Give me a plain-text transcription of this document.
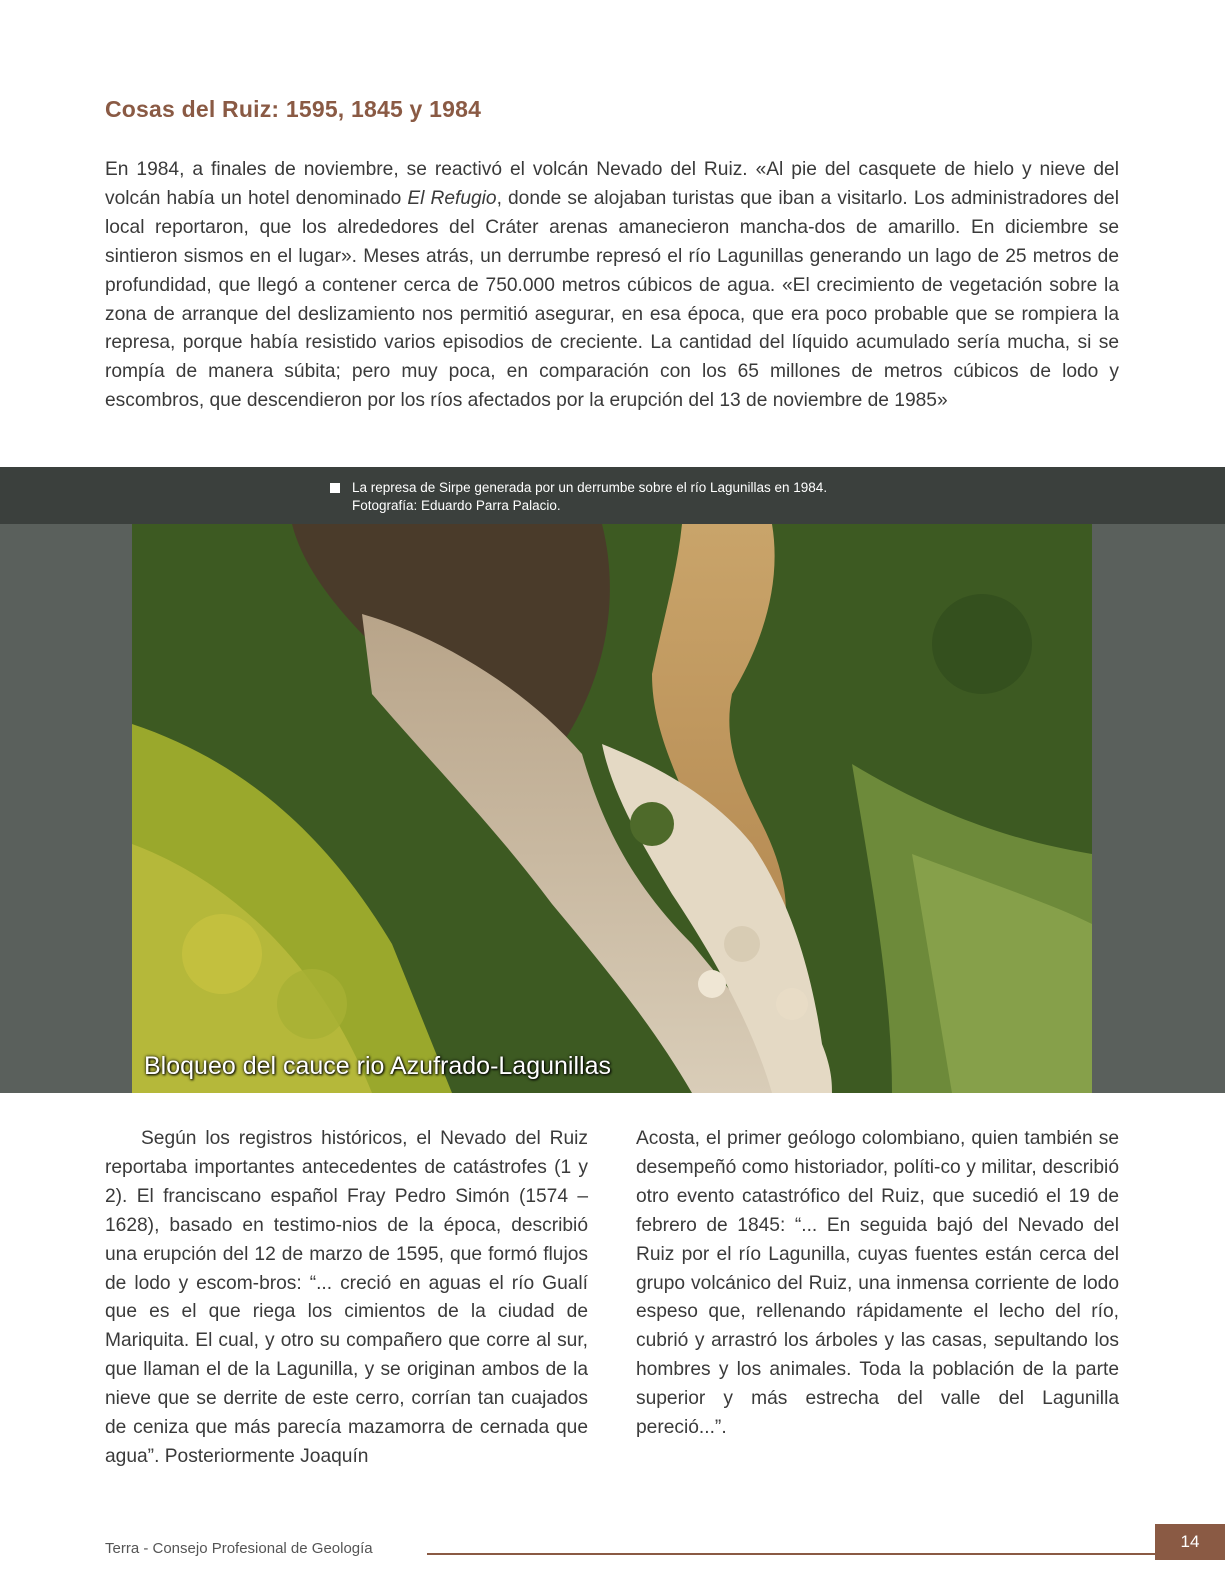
Cosas del Ruiz: 1595, 1845 y 1984

En 1984, a finales de noviembre, se reactivó el volcán Nevado del Ruiz. «Al pie del casquete de hielo y nieve del volcán había un hotel denominado El Refugio, donde se alojaban turistas que iban a visitarlo. Los administradores del local reportaron, que los alrededores del Cráter arenas amanecieron mancha-dos de amarillo. En diciembre se sintieron sismos en el lugar». Meses atrás, un derrumbe represó el río Lagunillas generando un lago de 25 metros de profundidad, que llegó a contener cerca de 750.000 metros cúbicos de agua. «El crecimiento de vegetación sobre la zona de arranque del deslizamiento nos permitió asegurar, en esa época, que era poco probable que se rompiera la represa, porque había resistido varios episodios de creciente. La cantidad del líquido acumulado sería mucha, si se rompía de manera súbita; pero muy poca, en comparación con los 65 millones de metros cúbicos de lodo y escombros, que descendieron por los ríos afectados por la erupción del 13 de noviembre de 1985»

La represa de Sirpe generada por un derrumbe sobre el río Lagunillas en 1984.
Fotografía: Eduardo Parra Palacio.
Bloqueo del cauce rio Azufrado-Lagunillas

Según los registros históricos, el Nevado del Ruiz reportaba importantes antecedentes de catástrofes (1 y 2). El franciscano español Fray Pedro Simón (1574 – 1628), basado en testimo-nios de la época, describió una erupción del 12 de marzo de 1595, que formó flujos de lodo y escom-bros: “... creció en aguas el río Gualí que es el que riega los cimientos de la ciudad de Mariquita. El cual, y otro su compañero que corre al sur, que llaman el de la Lagunilla, y se originan ambos de la nieve que se derrite de este cerro, corrían tan cuajados de ceniza que más parecía mazamorra de cernada que agua”. Posteriormente Joaquín

Acosta, el primer geólogo colombiano, quien también se desempeñó como historiador, políti-co y militar, describió otro evento catastrófico del Ruiz, que sucedió el 19 de febrero de 1845: “... En seguida bajó del Nevado del Ruiz por el río Lagunilla, cuyas fuentes están cerca del grupo volcánico del Ruiz, una inmensa corriente de lodo espeso que, rellenando rápidamente el lecho del río, cubrió y arrastró los árboles y las casas, sepultando los hombres y los animales. Toda la población de la parte superior y más estrecha del valle del Lagunilla pereció...”.

Terra - Consejo Profesional de Geología	14
